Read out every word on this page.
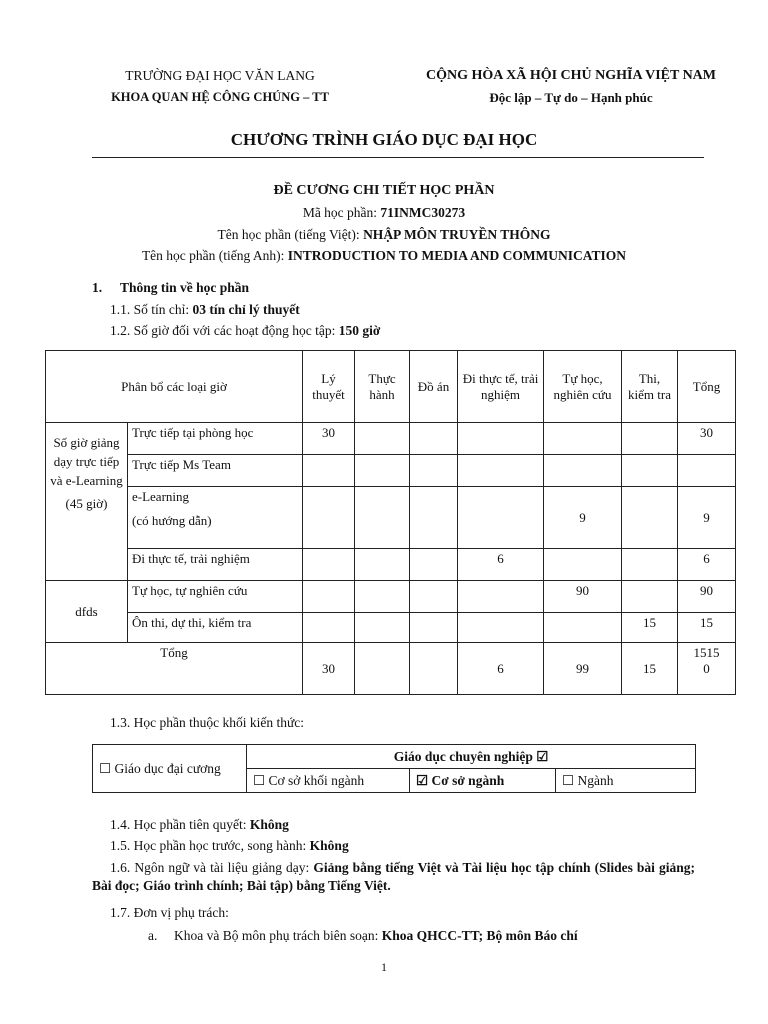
TRƯỜNG ĐẠI HỌC VĂN LANG
KHOA QUAN HỆ CÔNG CHÚNG – TT
CỘNG HÒA XÃ HỘI CHỦ NGHĨA VIỆT NAM
Độc lập – Tự do – Hạnh phúc
CHƯƠNG TRÌNH GIÁO DỤC ĐẠI HỌC
ĐỀ CƯƠNG CHI TIẾT HỌC PHẦN
Mã học phần: 71INMC30273
Tên học phần (tiếng Việt): NHẬP MÔN TRUYỀN THÔNG
Tên học phần (tiếng Anh): INTRODUCTION TO MEDIA AND COMMUNICATION
1. Thông tin về học phần
1.1. Số tín chỉ: 03 tín chỉ lý thuyết
1.2. Số giờ đối với các hoạt động học tập: 150 giờ
Phân bổ các loại giờ		Lý thuyết	Thực hành	Đồ án	Đi thực tế, trải nghiệm	Tự học, nghiên cứu	Thi, kiểm tra	Tổng

Số giờ giảng dạy trực tiếp và e-Learning
(45 giờ)	Trực tiếp tại phòng học	30						30
	Trực tiếp Ms Team							

	e-Learning
(có hướng dẫn)					9		9
	Đi thực tế, trải nghiệm				6			6
dfds	Tự học, tự nghiên cứu					90		90
	Ôn thi, dự thi, kiểm tra						15	15
Tổng		30			6	99	15	1515
0
1.3. Học phần thuộc khối kiến thức:
☐ Giáo dục đại cương	Giáo dục chuyên nghiệp ☑		
	☐ Cơ sở khối ngành	☑ Cơ sở ngành	☐ Ngành
1.4. Học phần tiên quyết: Không
1.5. Học phần học trước, song hành: Không
1.6. Ngôn ngữ và tài liệu giảng dạy: Giảng bằng tiếng Việt và Tài liệu học tập chính (Slides bài giảng; Bài đọc; Giáo trình chính; Bài tập) bằng Tiếng Việt.
1.7. Đơn vị phụ trách:
a. Khoa và Bộ môn phụ trách biên soạn: Khoa QHCC-TT; Bộ môn Báo chí
1
